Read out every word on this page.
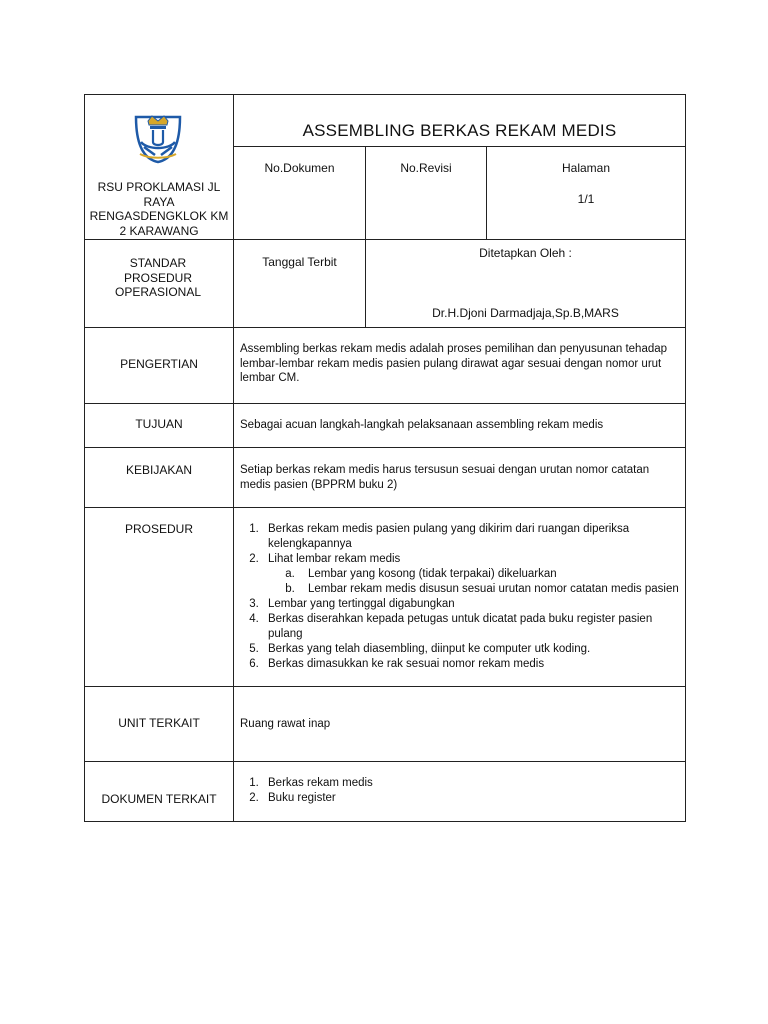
RSU PROKLAMASI JL RAYA RENGASDENGKLOK KM 2 KARAWANG
ASSEMBLING BERKAS REKAM MEDIS
No.Dokumen	No.Revisi	Halaman
1/1
STANDAR PROSEDUR OPERASIONAL
Tanggal Terbit
Ditetapkan Oleh :
Dr.H.Djoni Darmadjaja,Sp.B,MARS
PENGERTIAN
Assembling berkas rekam medis adalah proses pemilihan dan penyusunan tehadap lembar-lembar rekam medis pasien pulang dirawat agar sesuai dengan nomor urut lembar CM.
TUJUAN	Sebagai acuan langkah-langkah pelaksanaan assembling rekam medis
KEBIJAKAN	Setiap berkas rekam medis harus tersusun sesuai dengan urutan nomor catatan medis pasien (BPPRM buku 2)
PROSEDUR
1.	Berkas rekam medis pasien pulang yang dikirim dari ruangan diperiksa kelengkapannya
2. Lihat lembar rekam medis
a. Lembar yang kosong (tidak terpakai) dikeluarkan
b. Lembar rekam medis disusun sesuai urutan nomor catatan medis pasien
3. Lembar yang tertinggal digabungkan
4. Berkas diserahkan kepada petugas untuk dicatat pada buku register pasien pulang
5. Berkas yang telah diasembling, diinput ke computer utk koding.
6. Berkas dimasukkan ke rak sesuai nomor rekam medis
UNIT TERKAIT	Ruang rawat inap
DOKUMEN TERKAIT
1. Berkas rekam medis
2. Buku register
